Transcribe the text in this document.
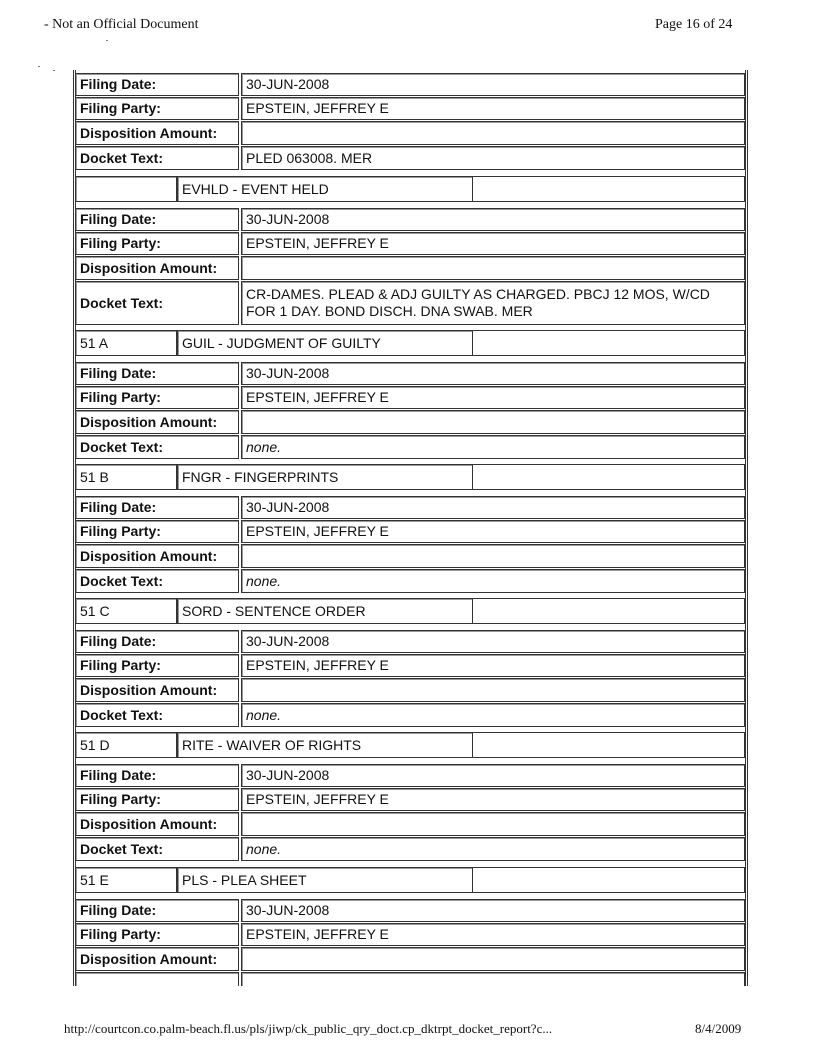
- Not an Official Document	Page 16 of 24
Filing Date:	30-JUN-2008
Filing Party:	EPSTEIN, JEFFREY E
Disposition Amount:
Docket Text:	PLED 063008. MER
EVHLD - EVENT HELD
Filing Date:	30-JUN-2008
Filing Party:	EPSTEIN, JEFFREY E
Disposition Amount:
Docket Text:
CR-DAMES. PLEAD & ADJ GUILTY AS CHARGED. PBCJ 12 MOS, W/CD FOR 1 DAY. BOND DISCH. DNA SWAB. MER
51 A	GUIL - JUDGMENT OF GUILTY
Filing Date:	30-JUN-2008
Filing Party:	EPSTEIN, JEFFREY E
Disposition Amount:
Docket Text:	none.
51 B	FNGR - FINGERPRINTS
Filing Date:	30-JUN-2008
Filing Party:	EPSTEIN, JEFFREY E
Disposition Amount:
Docket Text:	none.
51 C	SORD - SENTENCE ORDER
Filing Date:	30-JUN-2008
Filing Party:	EPSTEIN, JEFFREY E
Disposition Amount:
Docket Text:	none.
51 D	RITE - WAIVER OF RIGHTS
Filing Date:	30-JUN-2008
Filing Party:	EPSTEIN, JEFFREY E
Disposition Amount:
Docket Text:	none.
51 E	PLS - PLEA SHEET
Filing Date:	30-JUN-2008
Filing Party:	EPSTEIN, JEFFREY E
Disposition Amount:
http://courtcon.co.palm-beach.fl.us/pls/jiwp/ck_public_qry_doct.cp_dktrpt_docket_report?c...	8/4/2009
